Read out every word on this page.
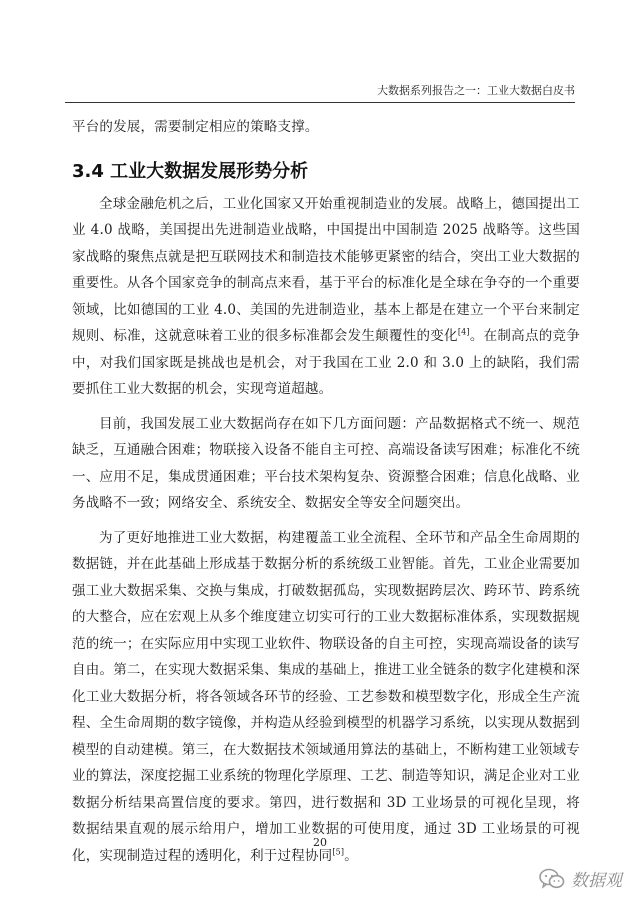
大数据系列报告之一：工业大数据白皮书

平台的发展，需要制定相应的策略支撑。

3.4 工业大数据发展形势分析

全球金融危机之后，工业化国家又开始重视制造业的发展。战略上，德国提出工业 4.0 战略，美国提出先进制造业战略，中国提出中国制造 2025 战略等。这些国家战略的聚焦点就是把互联网技术和制造技术能够更紧密的结合，突出工业大数据的重要性。从各个国家竞争的制高点来看，基于平台的标准化是全球在争夺的一个重要领域，比如德国的工业 4.0、美国的先进制造业，基本上都是在建立一个平台来制定规则、标准，这就意味着工业的很多标准都会发生颠覆性的变化[4]。在制高点的竞争中，对我们国家既是挑战也是机会，对于我国在工业 2.0 和 3.0 上的缺陷，我们需要抓住工业大数据的机会，实现弯道超越。

目前，我国发展工业大数据尚存在如下几方面问题：产品数据格式不统一、规范缺乏，互通融合困难；物联接入设备不能自主可控、高端设备读写困难；标准化不统一、应用不足，集成贯通困难；平台技术架构复杂、资源整合困难；信息化战略、业务战略不一致；网络安全、系统安全、数据安全等安全问题突出。

为了更好地推进工业大数据，构建覆盖工业全流程、全环节和产品全生命周期的数据链，并在此基础上形成基于数据分析的系统级工业智能。首先，工业企业需要加强工业大数据采集、交换与集成，打破数据孤岛，实现数据跨层次、跨环节、跨系统的大整合，应在宏观上从多个维度建立切实可行的工业大数据标准体系，实现数据规范的统一；在实际应用中实现工业软件、物联设备的自主可控，实现高端设备的读写自由。第二，在实现大数据采集、集成的基础上，推进工业全链条的数字化建模和深化工业大数据分析，将各领域各环节的经验、工艺参数和模型数字化，形成全生产流程、全生命周期的数字镜像，并构造从经验到模型的机器学习系统，以实现从数据到模型的自动建模。第三，在大数据技术领域通用算法的基础上，不断构建工业领域专业的算法，深度挖掘工业系统的物理化学原理、工艺、制造等知识，满足企业对工业数据分析结果高置信度的要求。第四，进行数据和 3D 工业场景的可视化呈现，将数据结果直观的展示给用户，增加工业数据的可使用度，通过 3D 工业场景的可视化，实现制造过程的透明化，利于过程协同[5]。

20
数据观
